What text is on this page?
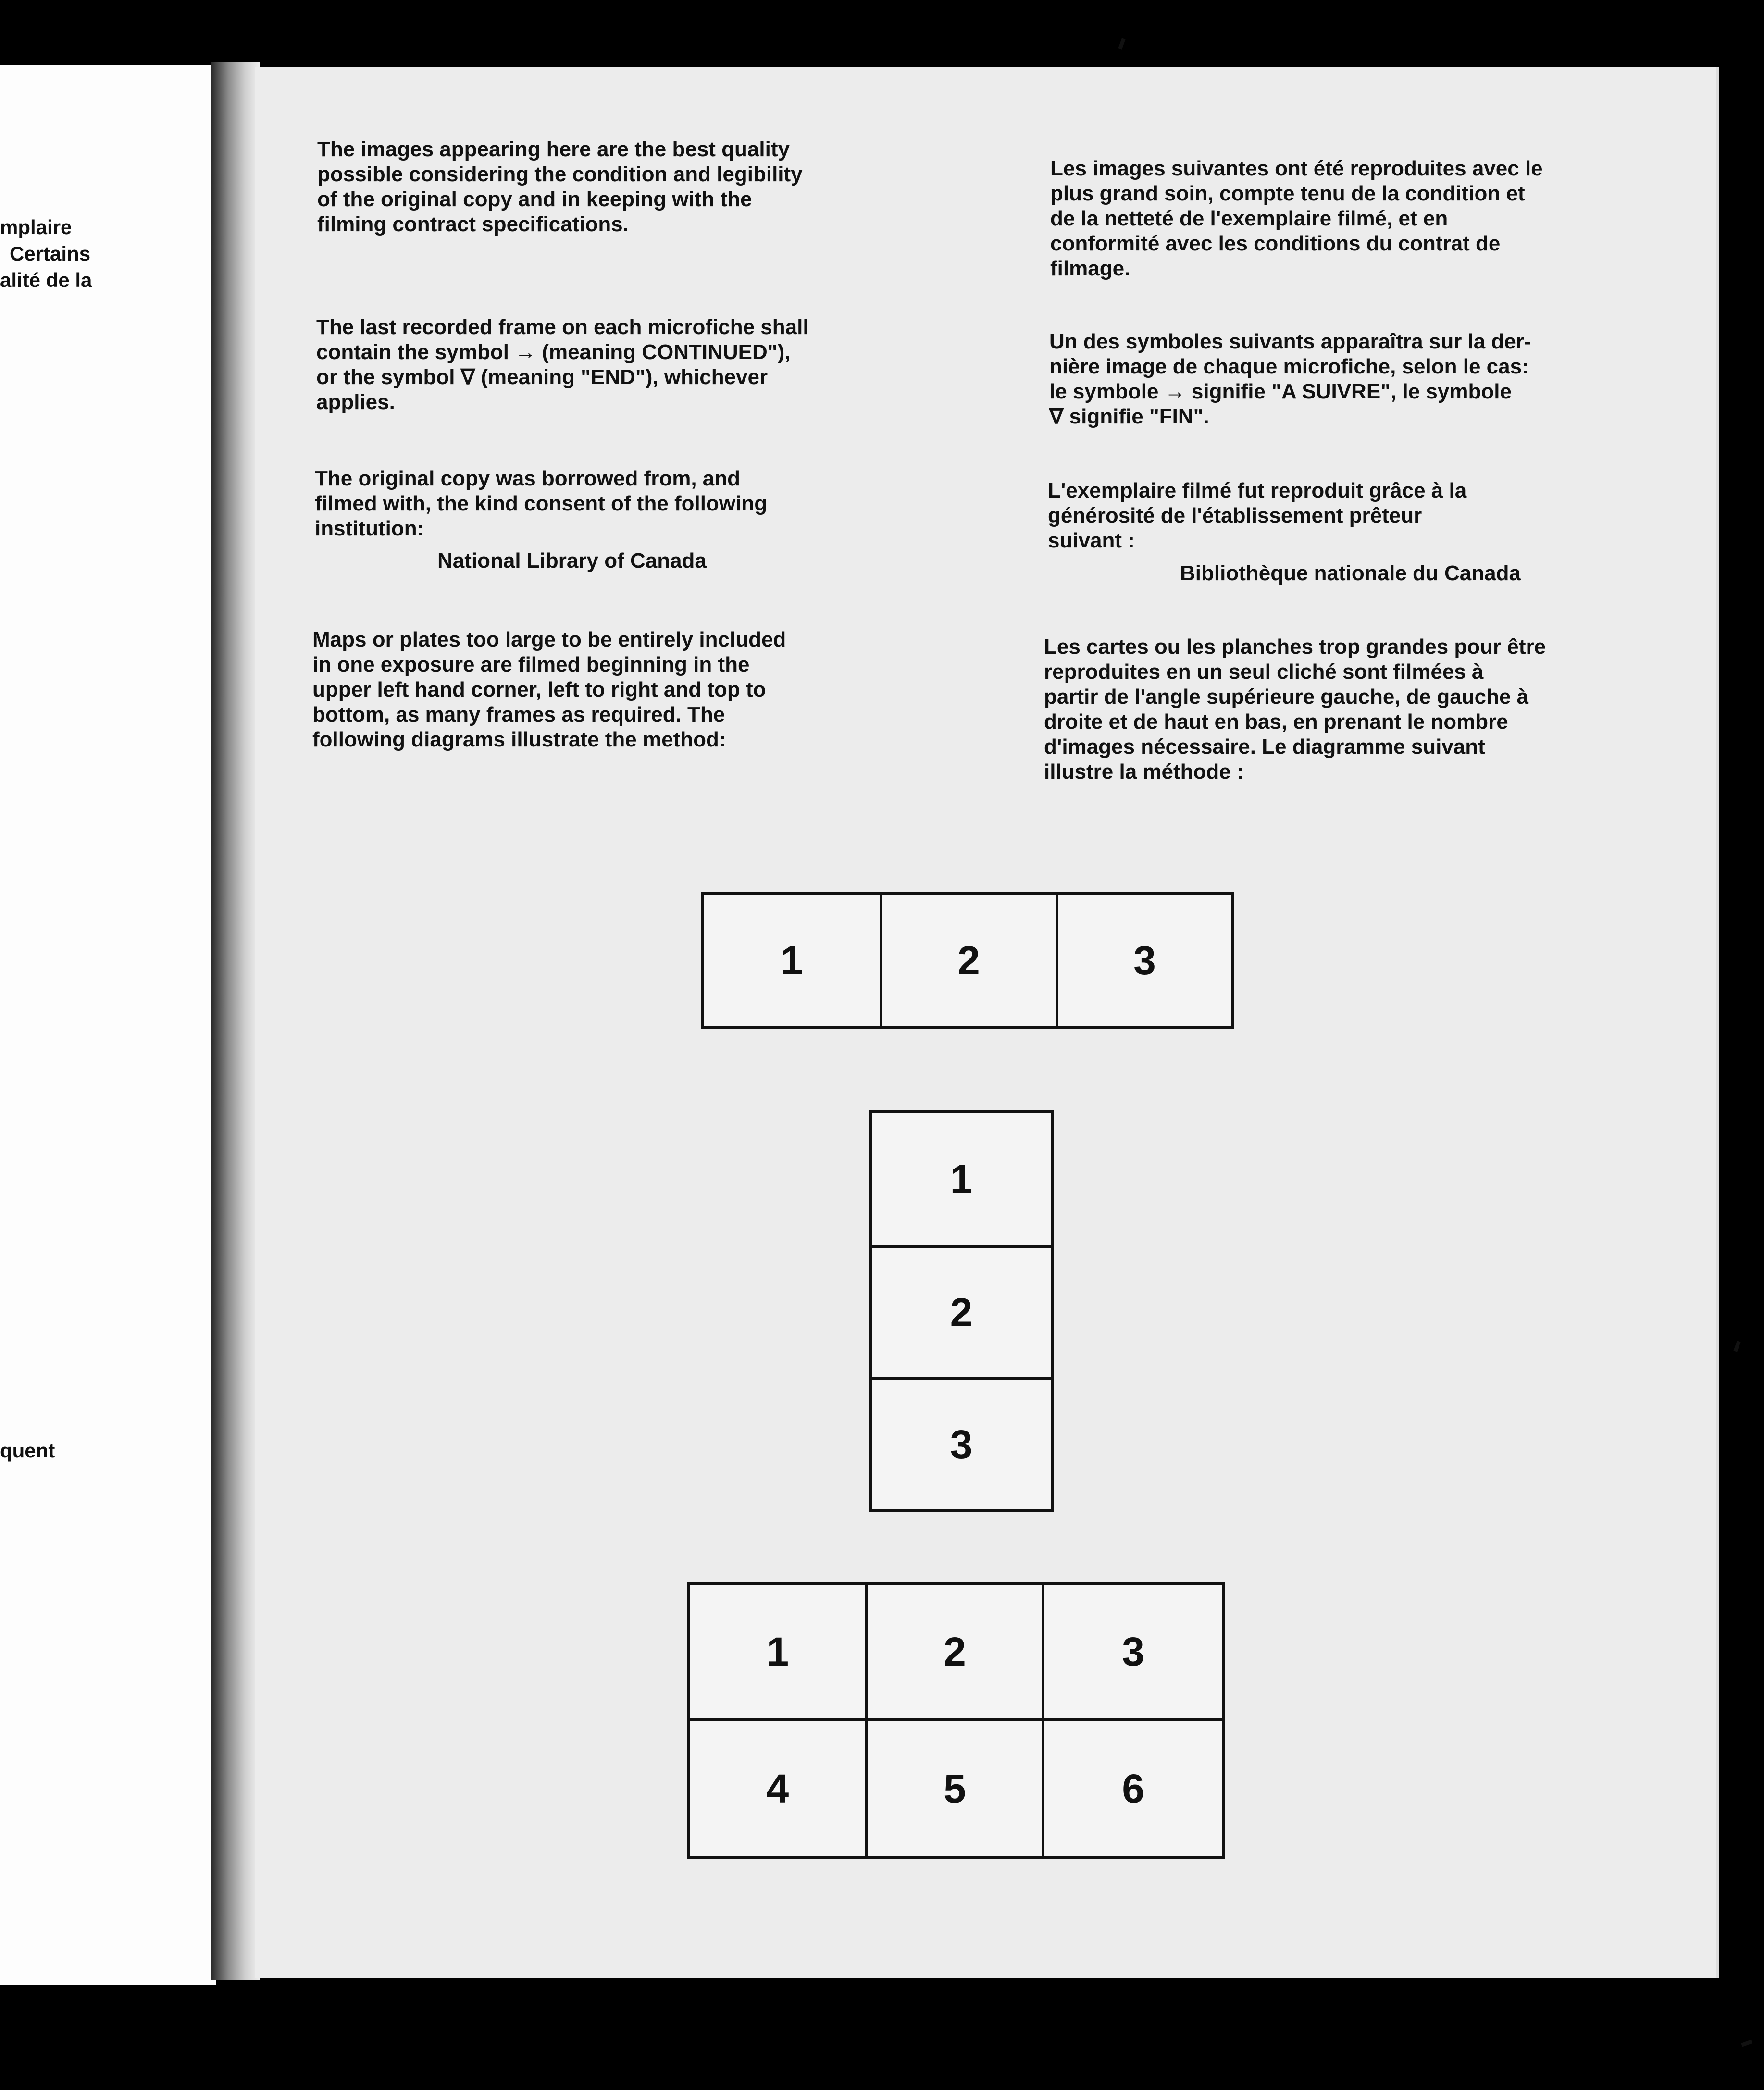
mplaire
Certains
alité de la
quent

The images appearing here are the best quality

possible considering the condition and legibility

of the original copy and in keeping with the

filming contract specifications.

The last recorded frame on each microfiche shall

contain the symbol → (meaning CONTINUED"),

or the symbol ∇ (meaning "END"), whichever

applies.

The original copy was borrowed from, and

filmed with, the kind consent of the following

institution:

National Library of Canada

Maps or plates too large to be entirely included

in one exposure are filmed beginning in the

upper left hand corner, left to right and top to

bottom, as many frames as required. The

following diagrams illustrate the method:

Les images suivantes ont été reproduites avec le

plus grand soin, compte tenu de la condition et

de la netteté de l'exemplaire filmé, et en

conformité avec les conditions du contrat de

filmage.

Un des symboles suivants apparaîtra sur la der-

nière image de chaque microfiche, selon le cas:

le symbole → signifie "A SUIVRE", le symbole

∇ signifie "FIN".

L'exemplaire filmé fut reproduit grâce à la

générosité de l'établissement prêteur

suivant :

Bibliothèque nationale du Canada

Les cartes ou les planches trop grandes pour être

reproduites en un seul cliché sont filmées à

partir de l'angle supérieure gauche, de gauche à

droite et de haut en bas, en prenant le nombre

d'images nécessaire. Le diagramme suivant

illustre la méthode :

1	2	3
1
2
3
1	2	3
4	5	6
